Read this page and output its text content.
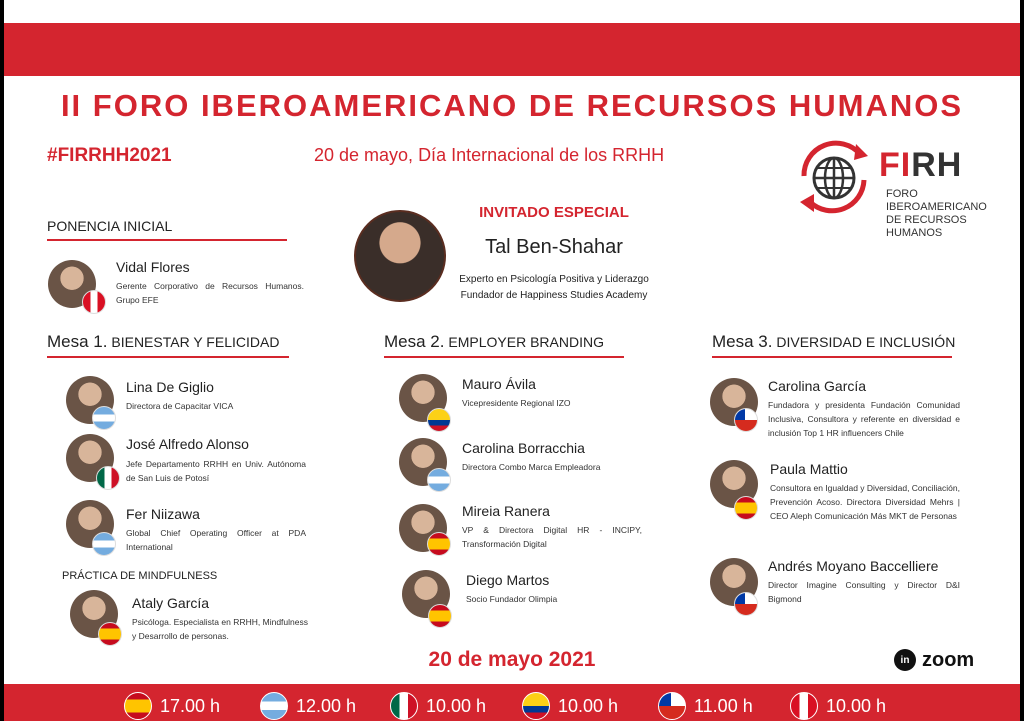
II FORO IBEROAMERICANO DE RECURSOS HUMANOS
#FIRRHH2021	20 de mayo, Día Internacional de los RRHH	FIRH
FORO IBEROAMERICANO
DE RECURSOS HUMANOS
PONENCIA INICIAL
Vidal Flores
Gerente Corporativo de Recursos Humanos. Grupo EFE
INVITADO ESPECIAL
Tal Ben-Shahar
Experto en Psicología Positiva y Liderazgo
Fundador de Happiness Studies Academy
Mesa 1. BIENESTAR Y FELICIDAD
Lina De Giglio
Directora de Capacitar VICA
José Alfredo Alonso
Jefe Departamento RRHH en Univ. Autónoma de San Luis de Potosí
Fer Niizawa
Global Chief Operating Officer at PDA International
PRÁCTICA DE MINDFULNESS
Ataly García
Psicóloga. Especialista en RRHH, Mindfulness y Desarrollo de personas.
Mesa 2. EMPLOYER BRANDING
Mauro Ávila
Vicepresidente Regional IZO
Carolina Borracchia
Directora Combo Marca Empleadora
Mireia Ranera
VP & Directora Digital HR - INCIPY, Transformación Digital
Diego Martos
Socio Fundador Olimpia
Mesa 3. DIVERSIDAD E INCLUSIÓN
Carolina García
Fundadora y presidenta Fundación Comunidad Inclusiva, Consultora y referente en diversidad e inclusión Top 1 HR influencers Chile
Paula Mattio
Consultora en Igualdad y Diversidad, Conciliación, Prevención Acoso. Directora Diversidad Mehrs | CEO Aleph Comunicación Más MKT de Personas
Andrés Moyano Baccelliere
Director Imagine Consulting y Director D&I Bigmond
20 de mayo 2021	in zoom
17.00 h	12.00 h	10.00 h	10.00 h	11.00 h	10.00 h
